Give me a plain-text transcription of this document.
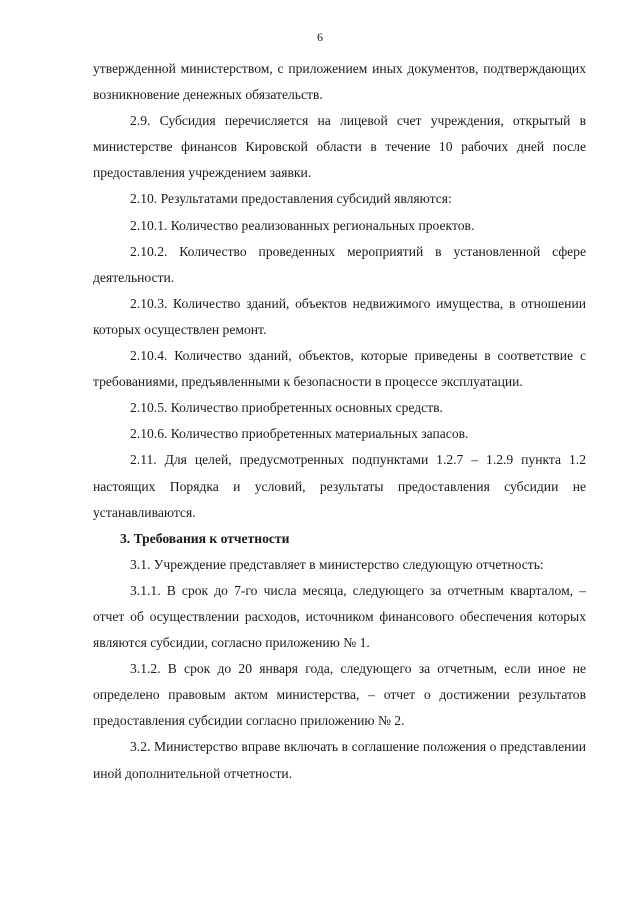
6

утвержденной министерством, с приложением иных документов, подтверждающих возникновение денежных обязательств.

2.9. Субсидия перечисляется на лицевой счет учреждения, открытый в министерстве финансов Кировской области в течение 10 рабочих дней после предоставления учреждением заявки.

2.10. Результатами предоставления субсидий являются:

2.10.1. Количество реализованных региональных проектов.

2.10.2. Количество проведенных мероприятий в установленной сфере деятельности.

2.10.3. Количество зданий, объектов недвижимого имущества, в отношении которых осуществлен ремонт.

2.10.4. Количество зданий, объектов, которые приведены в соответствие с требованиями, предъявленными к безопасности в процессе эксплуатации.

2.10.5. Количество приобретенных основных средств.

2.10.6. Количество приобретенных материальных запасов.

2.11. Для целей, предусмотренных подпунктами 1.2.7 – 1.2.9 пункта 1.2 настоящих Порядка и условий, результаты предоставления субсидии не устанавливаются.

3. Требования к отчетности

3.1. Учреждение представляет в министерство следующую отчетность:

3.1.1. В срок до 7-го числа месяца, следующего за отчетным кварталом, – отчет об осуществлении расходов, источником финансового обеспечения которых являются субсидии, согласно приложению № 1.

3.1.2. В срок до 20 января года, следующего за отчетным, если иное не определено правовым актом министерства, – отчет о достижении результатов предоставления субсидии согласно приложению № 2.

3.2. Министерство вправе включать в соглашение положения о представлении иной дополнительной отчетности.
